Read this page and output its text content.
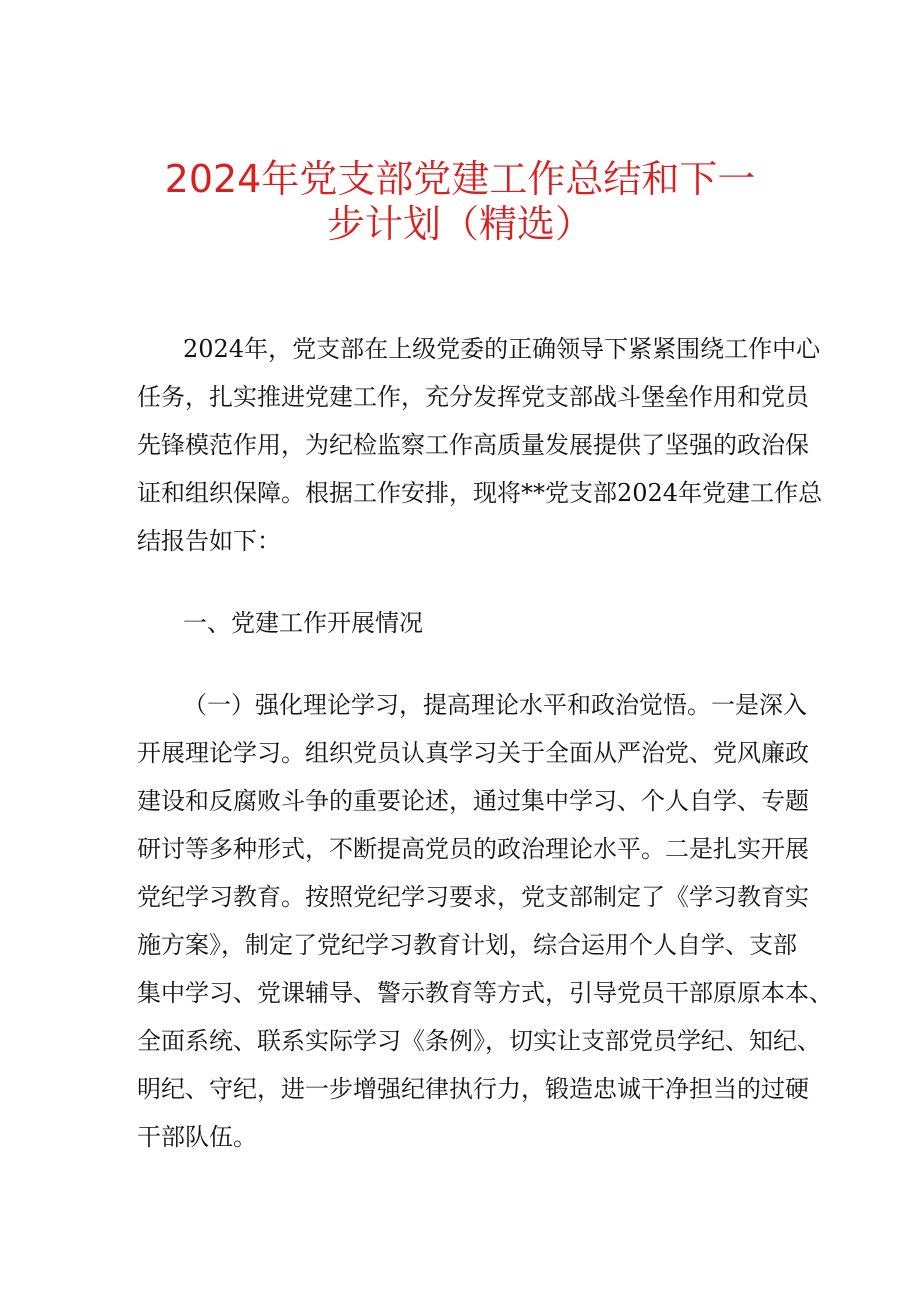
2024年党支部党建工作总结和下一
步计划（精选）
2024年，党支部在上级党委的正确领导下紧紧围绕工作中心
任务，扎实推进党建工作，充分发挥党支部战斗堡垒作用和党员
先锋模范作用，为纪检监察工作高质量发展提供了坚强的政治保
证和组织保障。根据工作安排，现将**党支部2024年党建工作总
结报告如下：
一、党建工作开展情况
（一）强化理论学习，提高理论水平和政治觉悟。一是深入
开展理论学习。组织党员认真学习关于全面从严治党、党风廉政
建设和反腐败斗争的重要论述，通过集中学习、个人自学、专题
研讨等多种形式，不断提高党员的政治理论水平。二是扎实开展
党纪学习教育。按照党纪学习要求，党支部制定了《学习教育实
施方案》，制定了党纪学习教育计划，综合运用个人自学、支部
集中学习、党课辅导、警示教育等方式，引导党员干部原原本本、
全面系统、联系实际学习《条例》，切实让支部党员学纪、知纪、
明纪、守纪，进一步增强纪律执行力，锻造忠诚干净担当的过硬
干部队伍。
